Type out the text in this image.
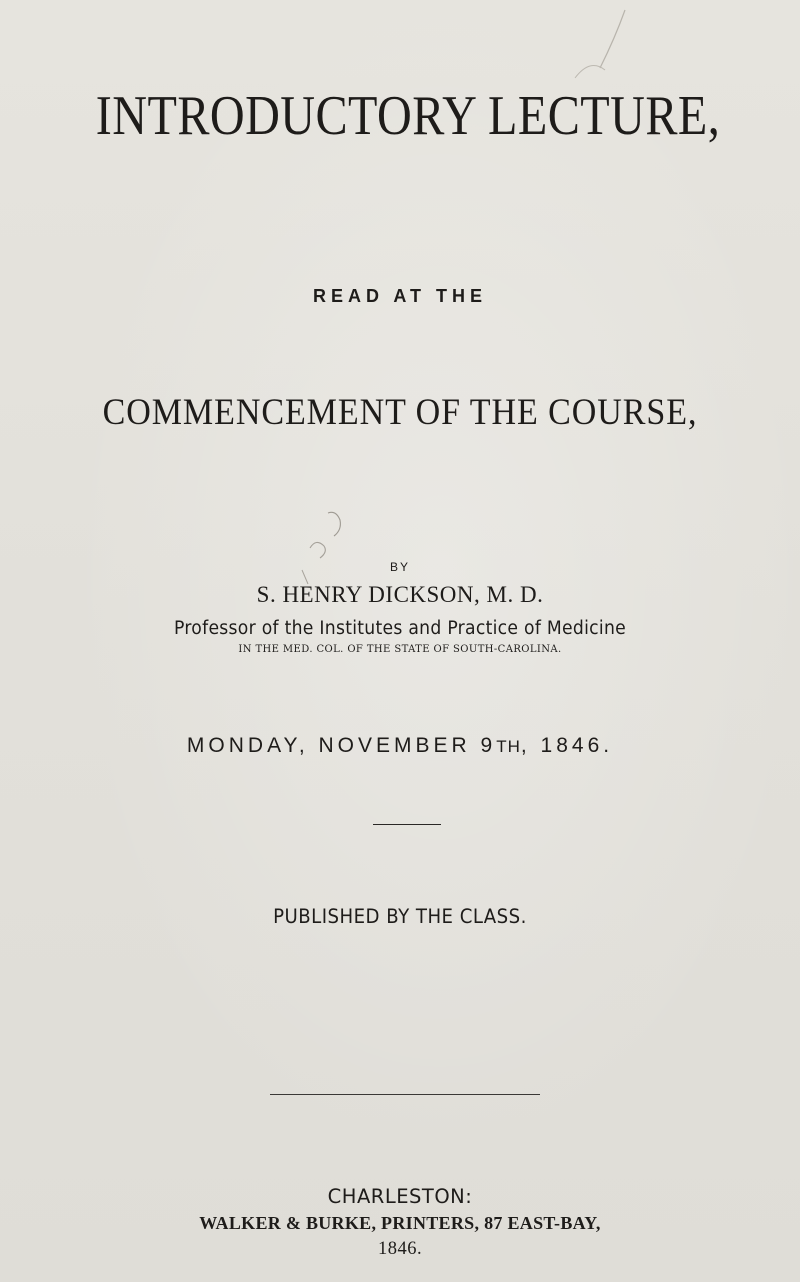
INTRODUCTORY LECTURE,
READ AT THE
COMMENCEMENT OF THE COURSE,
BY
S. HENRY DICKSON, M. D.
Professor of the Institutes and Practice of Medicine
IN THE MED. COL. OF THE STATE OF SOUTH-CAROLINA.
MONDAY, NOVEMBER 9TH, 1846.
PUBLISHED BY THE CLASS.
CHARLESTON:
WALKER & BURKE, PRINTERS, 87 EAST-BAY,
1846.
